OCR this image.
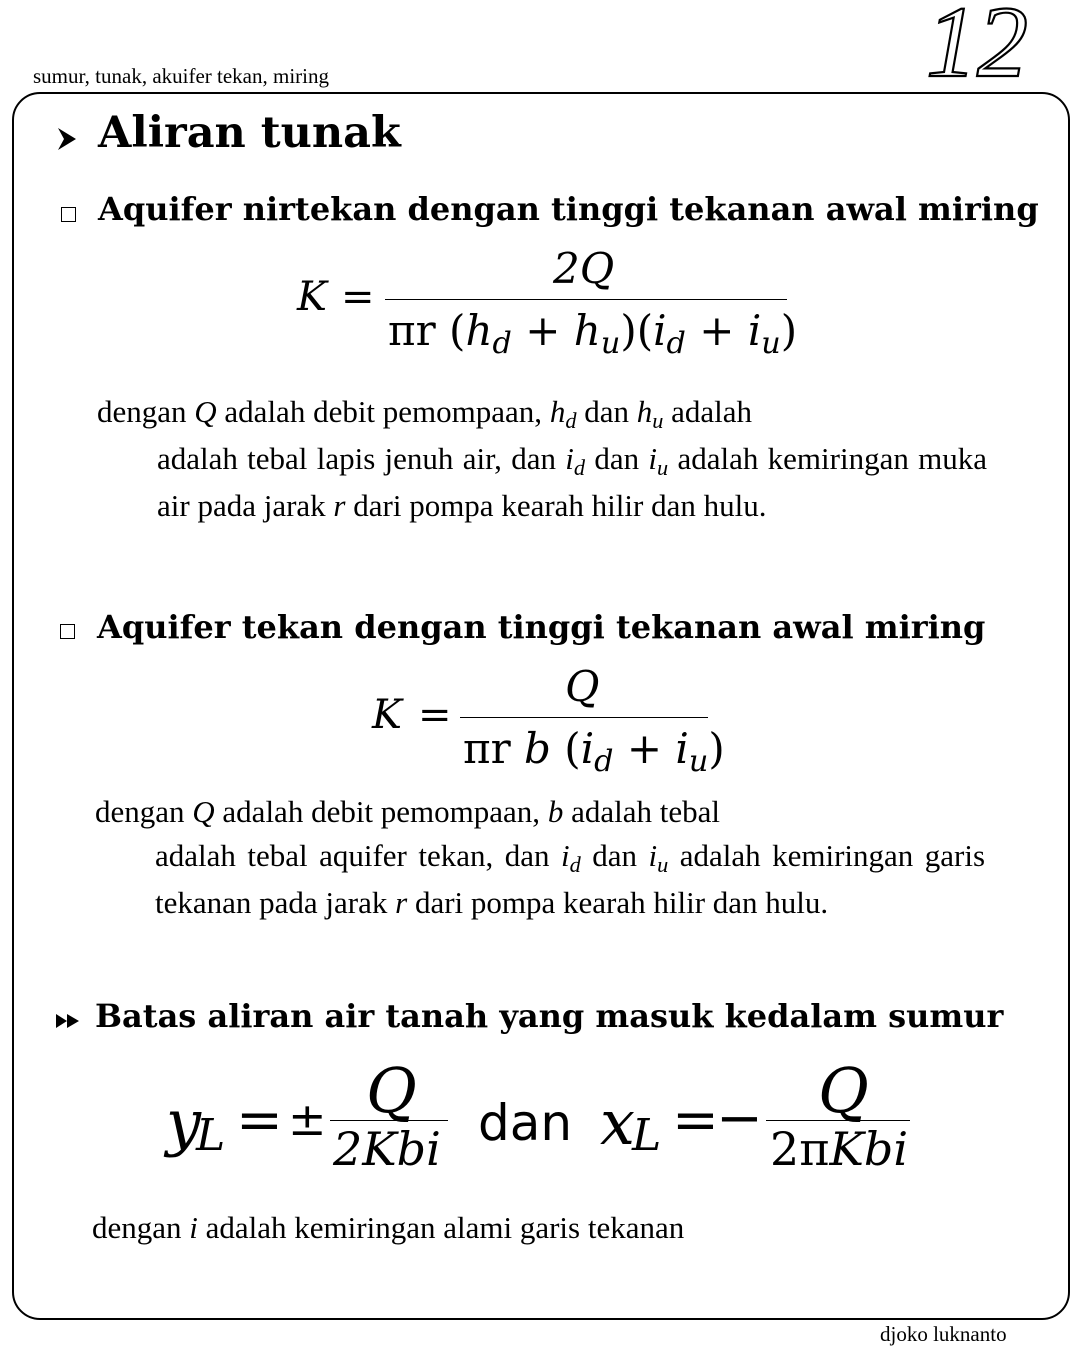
sumur, tunak, akuifer tekan, miring	12
Aliran tunak
Aquifer nirtekan dengan tinggi tekanan awal miring
K =
2Q
πr $(h_d + h_u)(i_d + i_u)$
dengan Q adalah debit pemompaan, $h_d$ dan $h_u$ adalah
adalah tebal lapis jenuh air, dan $i_d$ dan $i_u$ adalah kemiringan muka air pada jarak r dari pompa kearah hilir dan hulu.
Aquifer tekan dengan tinggi tekanan awal miring
K =
Q
πr b $(i_d + i_u)$
dengan Q adalah debit pemompaan, b adalah tebal
adalah tebal aquifer tekan, dan $i_d$ dan $i_u$ adalah kemiringan garis tekanan pada jarak r dari pompa kearah hilir dan hulu.
Batas aliran air tanah yang masuk kedalam sumur
y
L = ± Q
2Kbi dan x
L =
− Q
2πKbi
dengan i adalah kemiringan alami garis tekanan
djoko luknanto
